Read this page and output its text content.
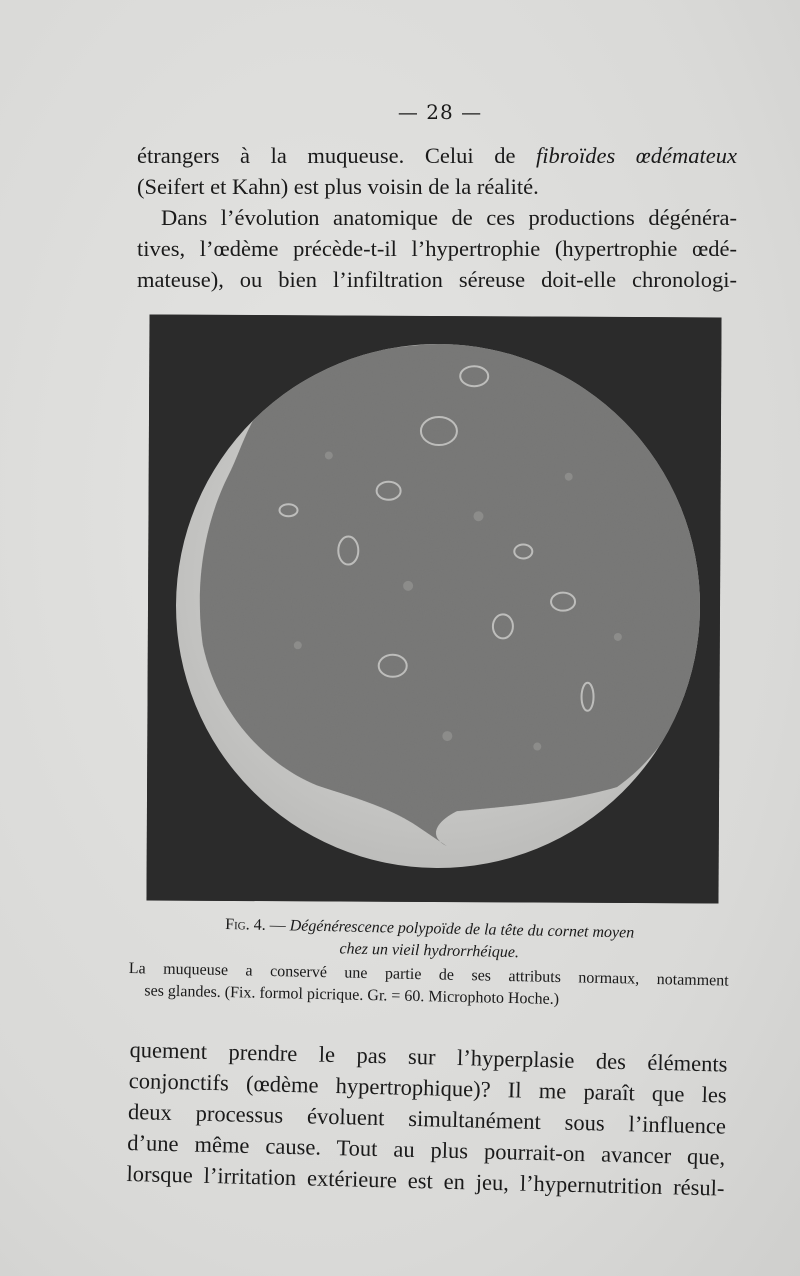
— 28 —
étrangers à la muqueuse. Celui de fibroïdes œdémateux
(Seifert et Kahn) est plus voisin de la réalité.
Dans l’évolution anatomique de ces productions dégénéra-
tives, l’œdème précède-t-il l’hypertrophie (hypertrophie œdé-
mateuse), ou bien l’infiltration séreuse doit-elle chronologi-
Fig. 4. — Dégénérescence polypoïde de la tête du cornet moyen
chez un vieil hydrorrhéique.
La muqueuse a conservé une partie de ses attributs normaux, notamment
ses glandes. (Fix. formol picrique. Gr. = 60. Microphoto Hoche.)
quement prendre le pas sur l’hyperplasie des éléments
conjonctifs (œdème hypertrophique)? Il me paraît que les
deux processus évoluent simultanément sous l’influence
d’une même cause. Tout au plus pourrait-on avancer que,
lorsque l’irritation extérieure est en jeu, l’hypernutrition résul-
